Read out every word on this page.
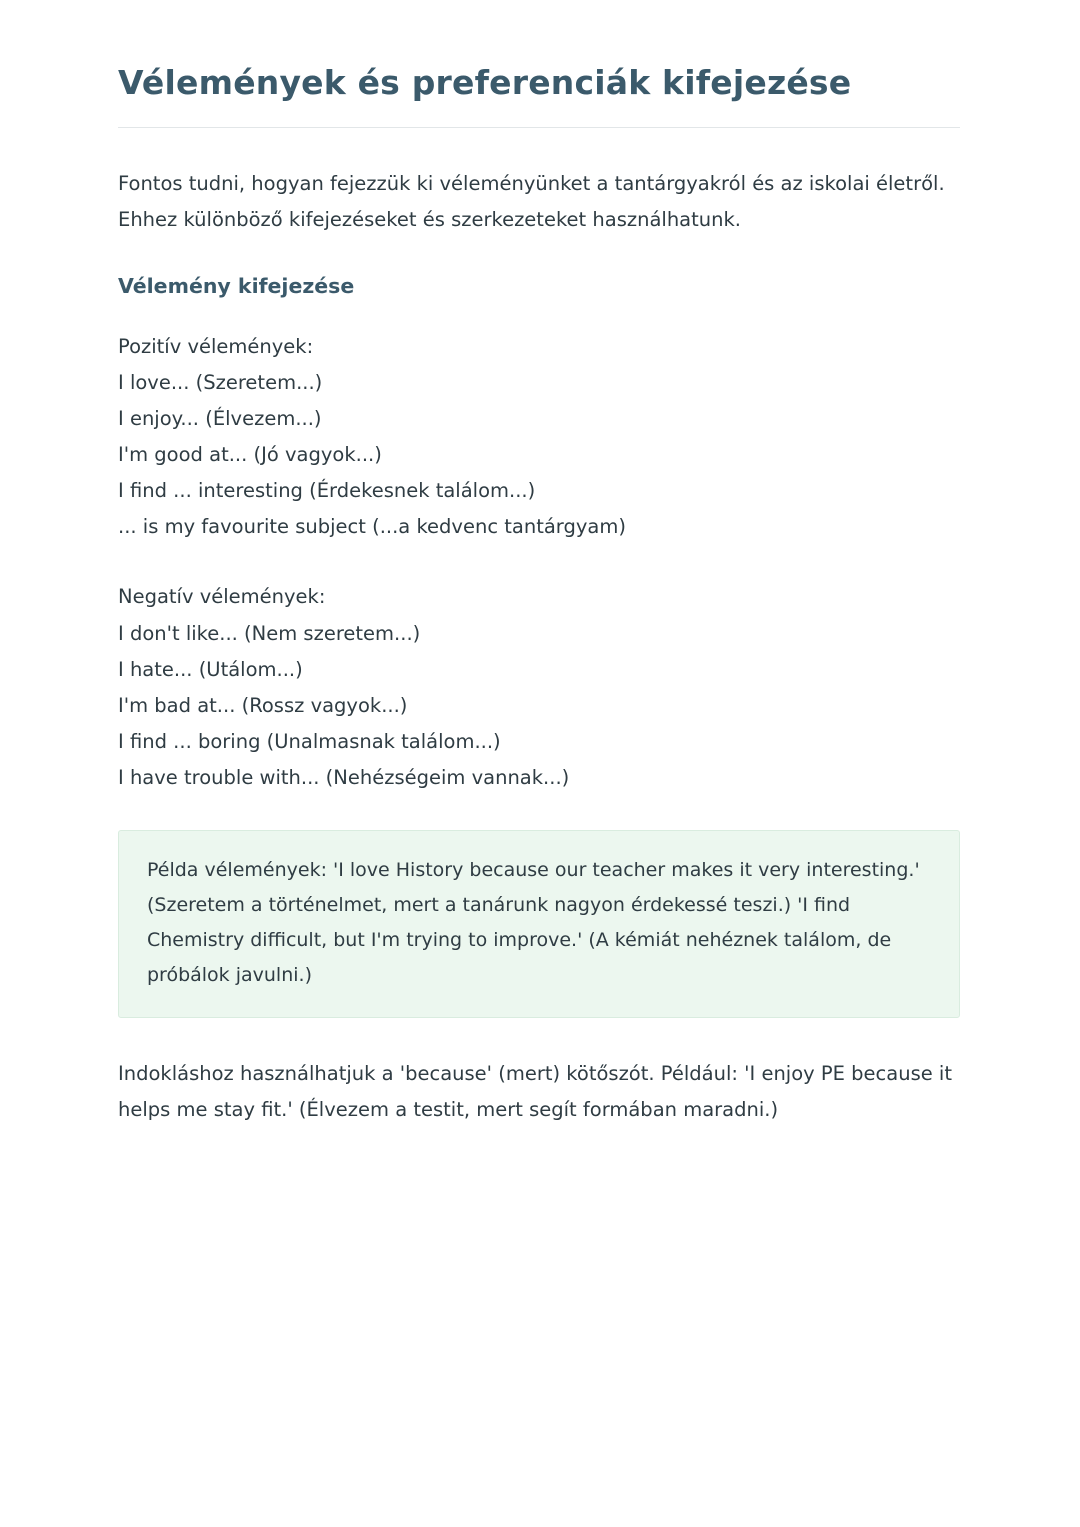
Vélemények és preferenciák kifejezése

Fontos tudni, hogyan fejezzük ki véleményünket a tantárgyakról és az iskolai életről. Ehhez különböző kifejezéseket és szerkezeteket használhatunk.

Vélemény kifejezése
Pozitív vélemények:
I love... (Szeretem...)
I enjoy... (Élvezem...)
I'm good at... (Jó vagyok...)
I find ... interesting (Érdekesnek találom...)
... is my favourite subject (...a kedvenc tantárgyam)
Negatív vélemények:
I don't like... (Nem szeretem...)
I hate... (Utálom...)
I'm bad at... (Rossz vagyok...)
I find ... boring (Unalmasnak találom...)
I have trouble with... (Nehézségeim vannak...)

Példa vélemények: 'I love History because our teacher makes it very interesting.' (Szeretem a történelmet, mert a tanárunk nagyon érdekessé teszi.) 'I find Chemistry difficult, but I'm trying to improve.' (A kémiát nehéznek találom, de próbálok javulni.)

Indokláshoz használhatjuk a 'because' (mert) kötőszót. Például: 'I enjoy PE because it helps me stay fit.' (Élvezem a testit, mert segít formában maradni.)
